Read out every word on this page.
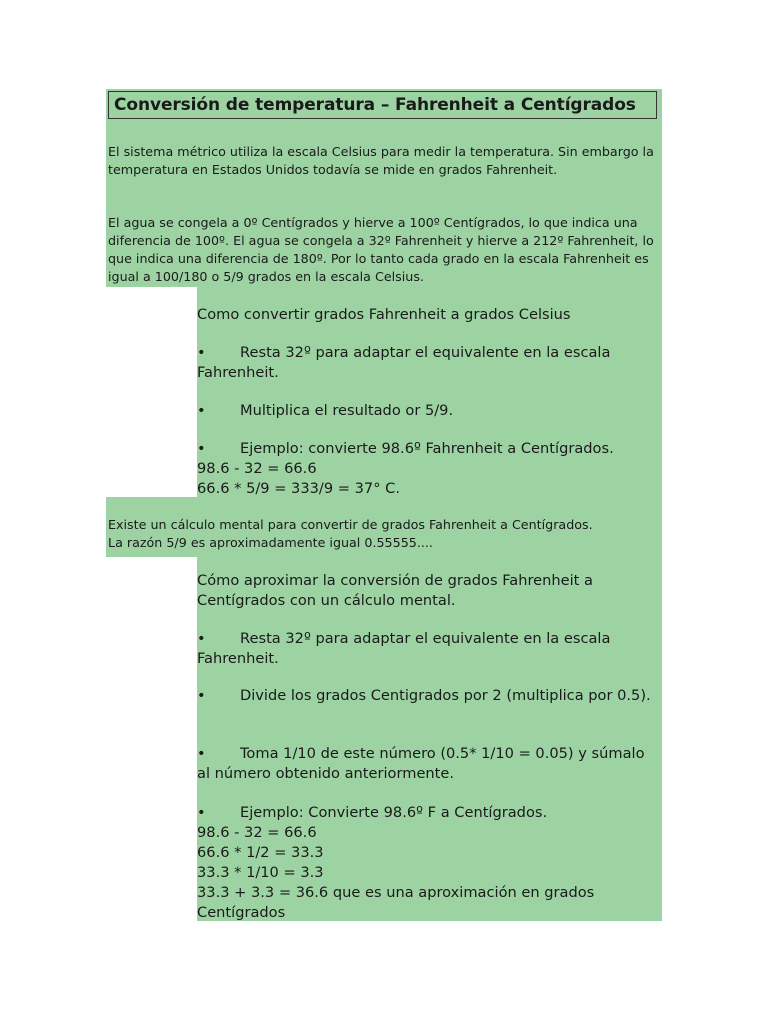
Conversión de temperatura – Fahrenheit a Centígrados

El sistema métrico utiliza la escala Celsius para medir la temperatura. Sin embargo la temperatura en Estados Unidos todavía se mide en grados Fahrenheit.

El agua se congela a 0º Centígrados y hierve a 100º Centígrados, lo que indica una diferencia de 100º. El agua se congela a 32º Fahrenheit y hierve a 212º Fahrenheit, lo que indica una diferencia de 180º. Por lo tanto cada grado en la escala Fahrenheit es igual a 100/180 o 5/9 grados en la escala Celsius.

Como convertir grados Fahrenheit a grados Celsius

• Resta 32º para adaptar el equivalente en la escala Fahrenheit.

• Multiplica el resultado or 5/9.

• Ejemplo: convierte 98.6º Fahrenheit a Centígrados.
98.6 - 32 = 66.6
66.6 * 5/9 = 333/9 = 37° C.

Existe un cálculo mental para convertir de grados Fahrenheit a Centígrados.
La razón 5/9 es aproximadamente igual 0.55555....

Cómo aproximar la conversión de grados Fahrenheit a Centígrados con un cálculo mental.

• Resta 32º para adaptar el equivalente en la escala Fahrenheit.

• Divide los grados Centigrados por 2 (multiplica por 0.5).

• Toma 1/10 de este número (0.5* 1/10 = 0.05) y súmalo al número obtenido anteriormente.

• Ejemplo: Convierte 98.6º F a Centígrados.
98.6 - 32 = 66.6
66.6 * 1/2 = 33.3
33.3 * 1/10 = 3.3
33.3 + 3.3 = 36.6 que es una aproximación en grados Centígrados
